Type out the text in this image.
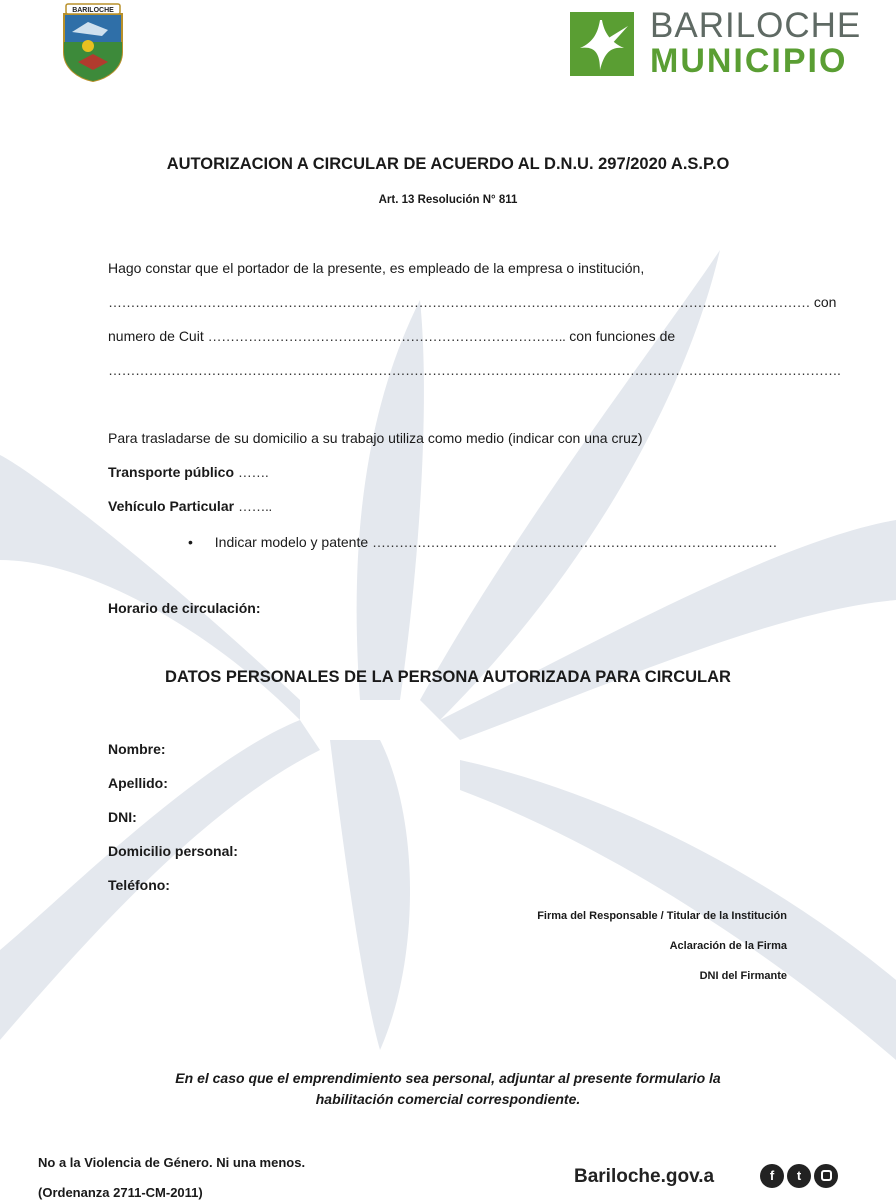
BARILOCHE	BARILOCHE
MUNICIPIO
AUTORIZACION A CIRCULAR DE ACUERDO AL D.N.U. 297/2020 A.S.P.O
Art. 13 Resolución N° 811
Hago constar que el portador de la presente, es empleado de la empresa o institución,
………………………………………………………………………………………………………………………………………… con
numero de Cuit …………………………………………………………………….. con funciones de
……………………………………………………………………………………………………………………………………………….
Para trasladarse de su domicilio a su trabajo utiliza como medio (indicar con una cruz)
Transporte público …….
Vehículo Particular ……..
• Indicar modelo y patente ………………………………………………………………………………
Horario de circulación:
DATOS PERSONALES DE LA PERSONA AUTORIZADA PARA CIRCULAR
Nombre:
Apellido:
DNI:
Domicilio personal:
Teléfono:
Firma del Responsable / Titular de la Institución
Aclaración de la Firma
DNI del Firmante
En el caso que el emprendimiento sea personal, adjuntar al presente formulario la
habilitación comercial correspondiente.
No a la Violencia de Género. Ni una menos.
(Ordenanza 2711-CM-2011)
Bariloche.gov.a	f	t
